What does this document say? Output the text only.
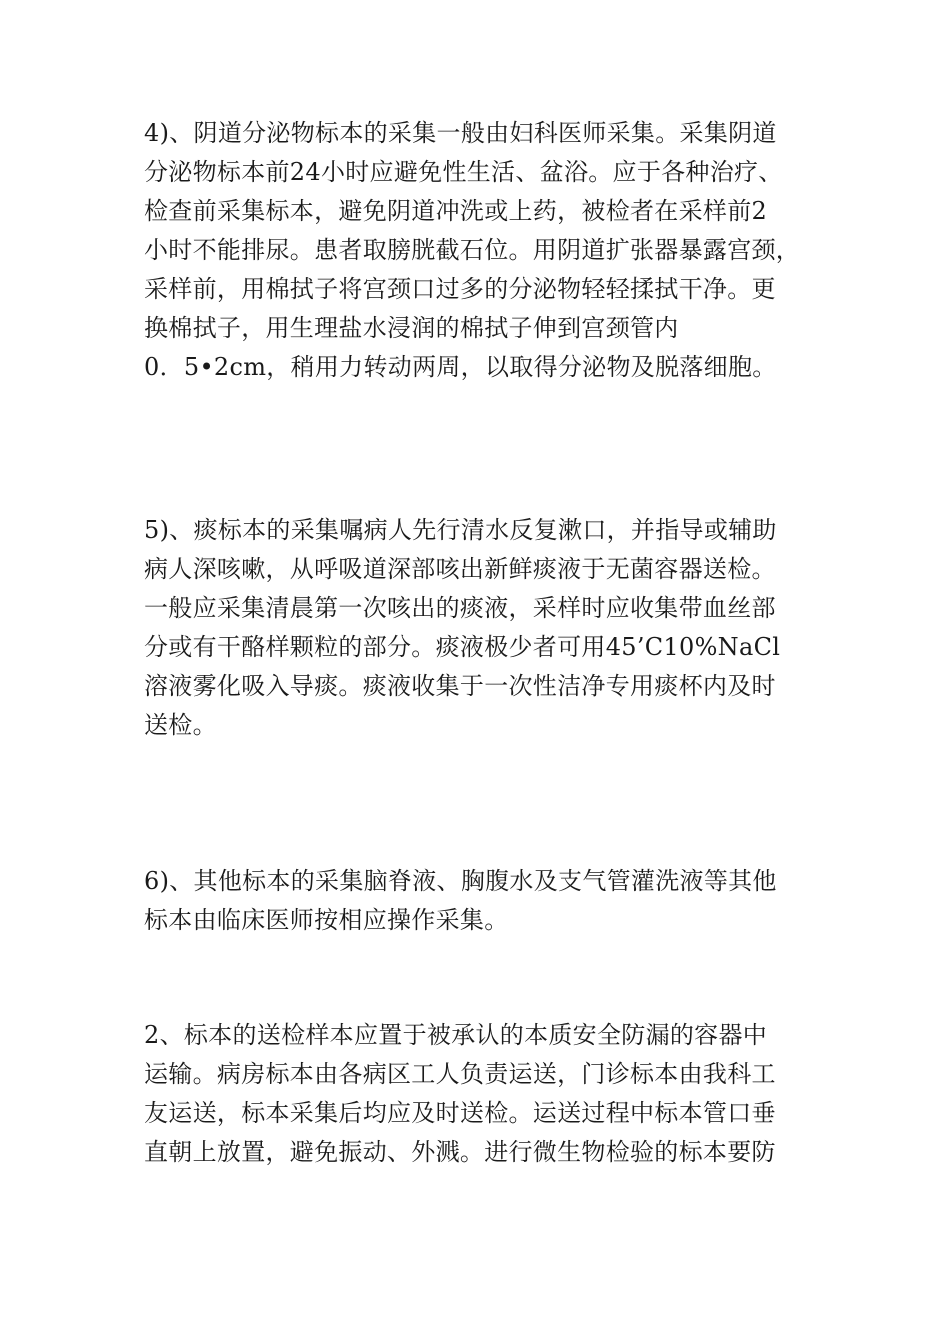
4)、阴道分泌物标本的采集一般由妇科医师采集。采集阴道
分泌物标本前24小时应避免性生活、盆浴。应于各种治疗、
检查前采集标本，避免阴道冲洗或上药，被检者在采样前2
小时不能排尿。患者取膀胱截石位。用阴道扩张器暴露宫颈，
采样前，用棉拭子将宫颈口过多的分泌物轻轻揉拭干净。更
换棉拭子，用生理盐水浸润的棉拭子伸到宫颈管内
0．5•2cm，稍用力转动两周，以取得分泌物及脱落细胞。
5)、痰标本的采集嘱病人先行清水反复漱口，并指导或辅助
病人深咳嗽，从呼吸道深部咳出新鲜痰液于无菌容器送检。
一般应采集清晨第一次咳出的痰液，采样时应收集带血丝部
分或有干酪样颗粒的部分。痰液极少者可用45’C10%NaCl
溶液雾化吸入导痰。痰液收集于一次性洁净专用痰杯内及时
送检。
6)、其他标本的采集脑脊液、胸腹水及支气管灌洗液等其他
标本由临床医师按相应操作采集。
2、标本的送检样本应置于被承认的本质安全防漏的容器中
运输。病房标本由各病区工人负责运送，门诊标本由我科工
友运送，标本采集后均应及时送检。运送过程中标本管口垂
直朝上放置，避免振动、外溅。进行微生物检验的标本要防
